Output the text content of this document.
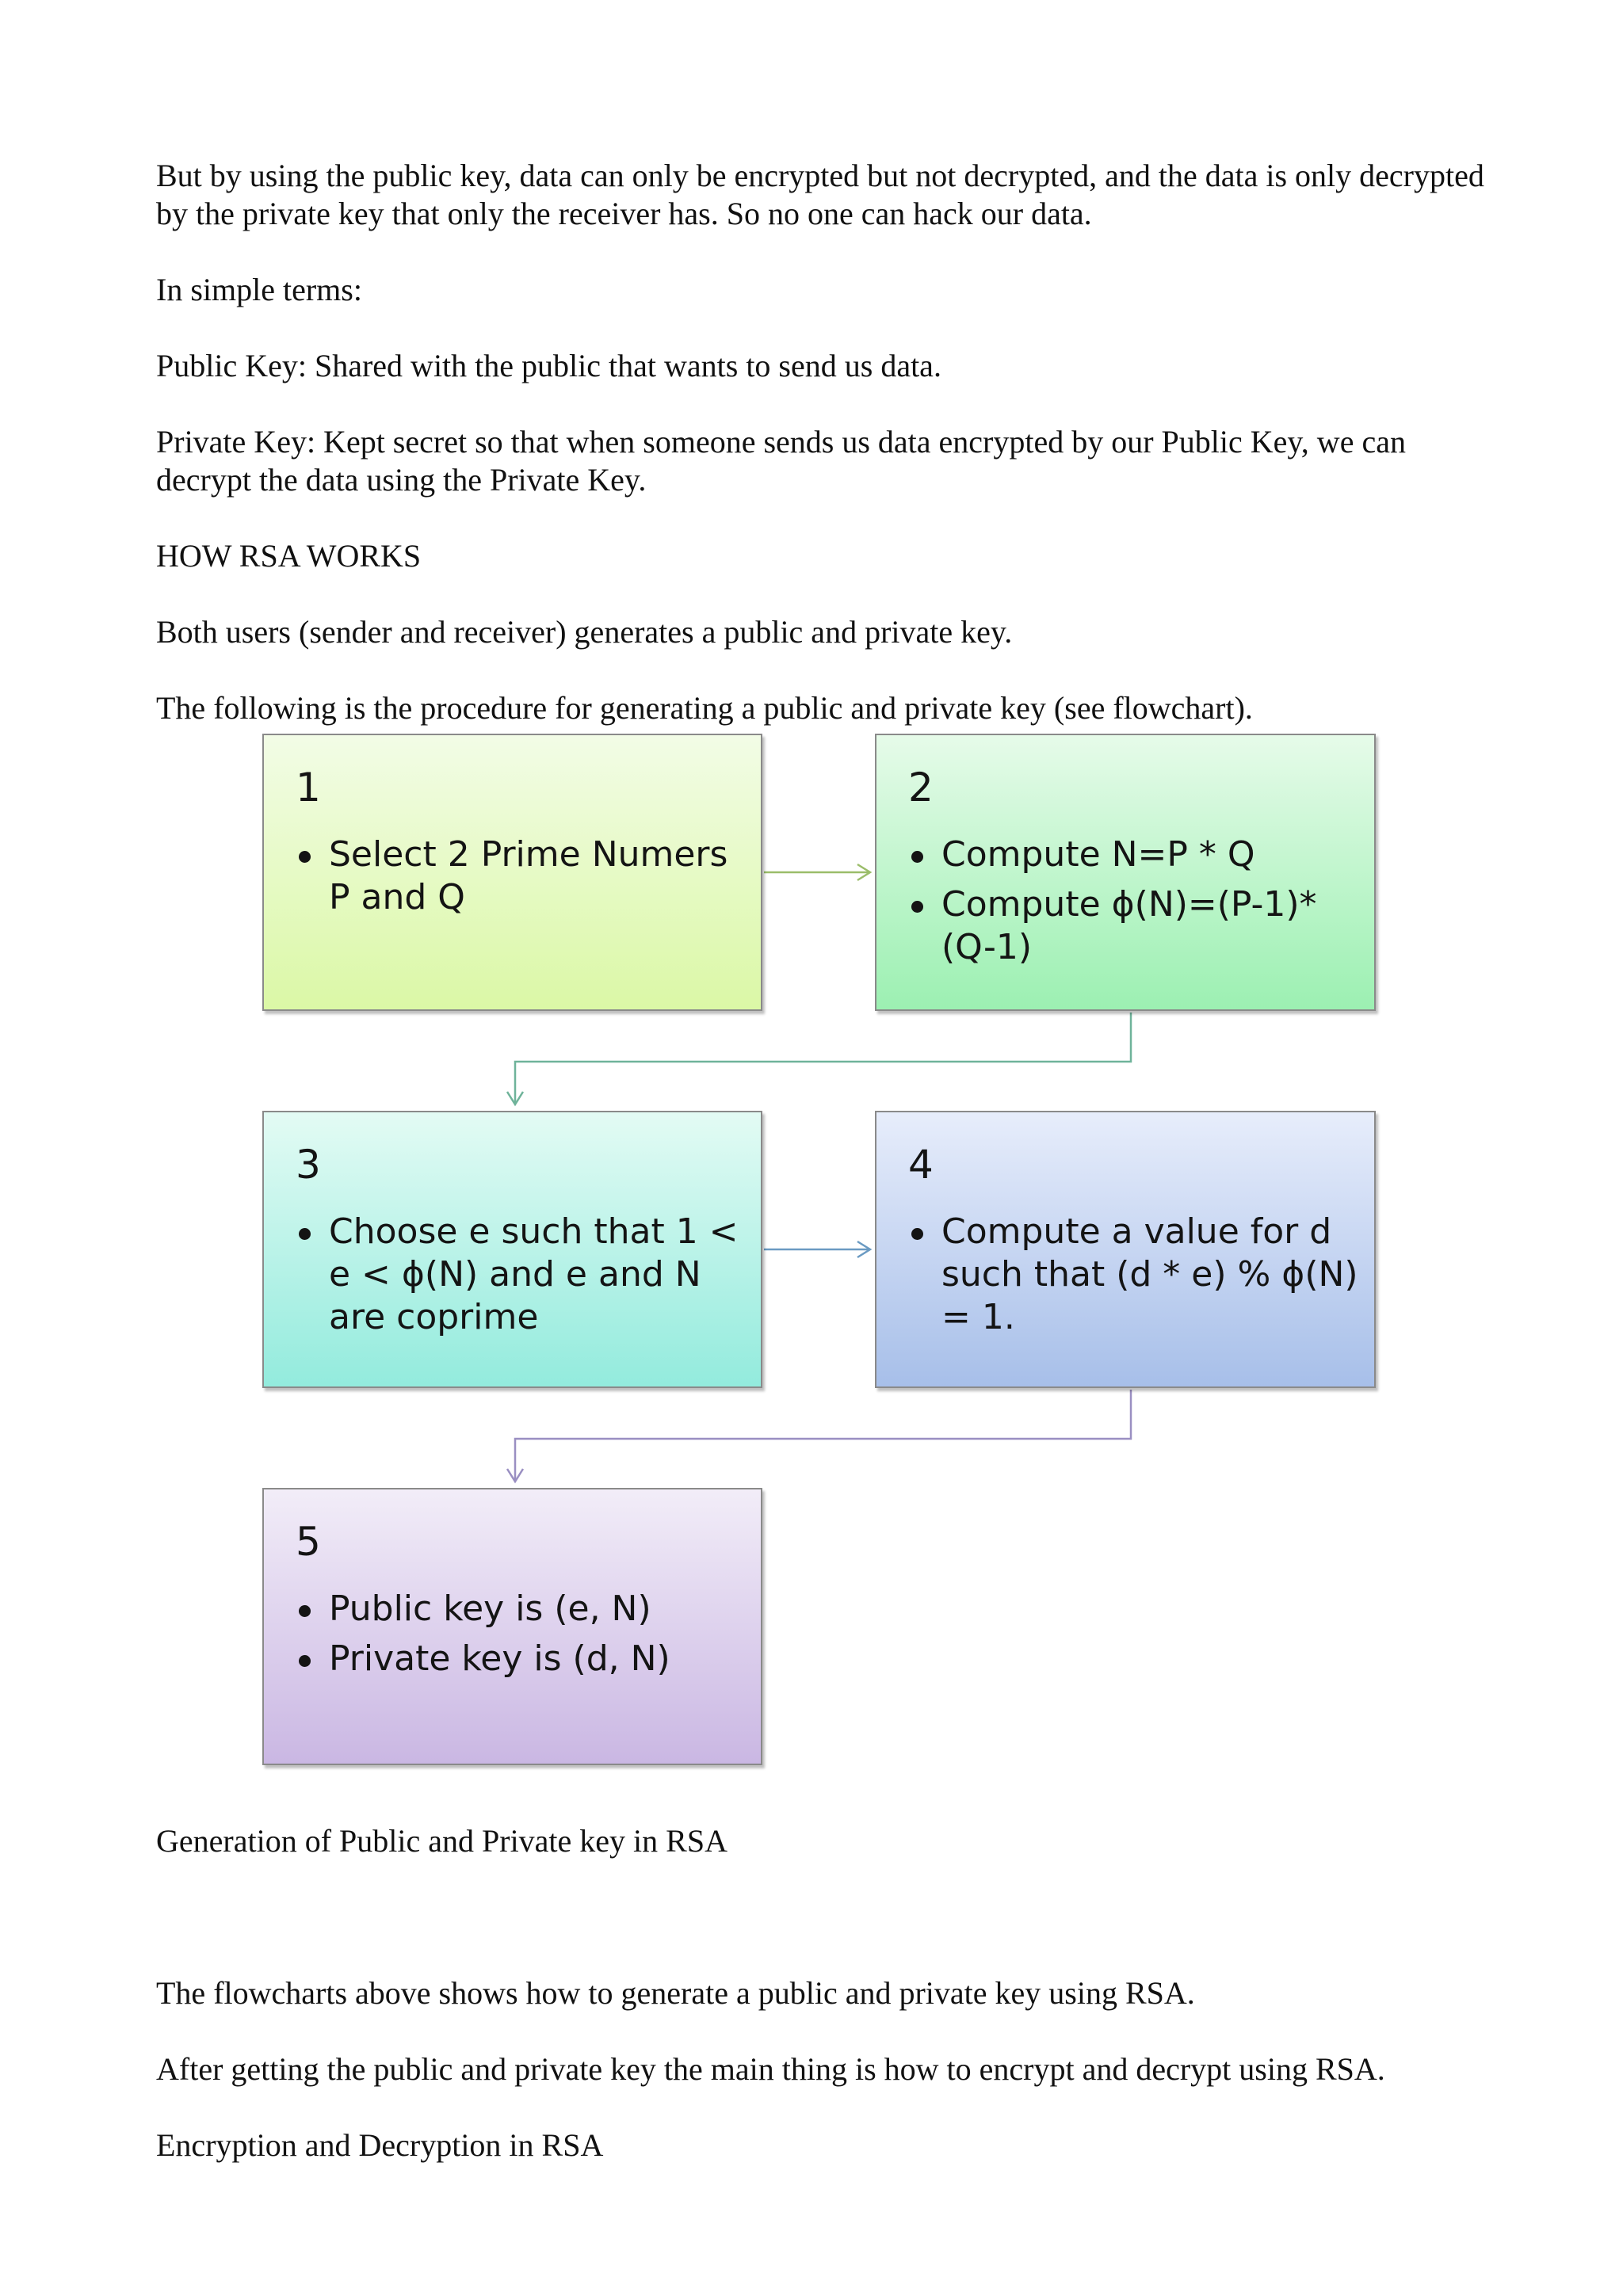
But by using the public key, data can only be encrypted but not decrypted, and the data is only decrypted by the private key that only the receiver has. So no one can hack our data.

In simple terms:

Public Key: Shared with the public that wants to send us data.

Private Key: Kept secret so that when someone sends us data encrypted by our Public Key, we can decrypt the data using the Private Key.

HOW RSA WORKS

Both users (sender and receiver) generates a public and private key.

The following is the procedure for generating a public and private key (see flowchart).

1
Select 2 Prime Numers P and Q
2
Compute N=P * Q
Compute ϕ(N)=(P-1)*(Q-1)
3
Choose e such that 1 < e < ϕ(N) and e and N are coprime
4
Compute a value for d such that (d * e) % ϕ(N) = 1.
5
Public key is (e, N)
Private key is (d, N)

Generation of Public and Private key in RSA

The flowcharts above shows how to generate a public and private key using RSA.

After getting the public and private key the main thing is how to encrypt and decrypt using RSA.

Encryption and Decryption in RSA
